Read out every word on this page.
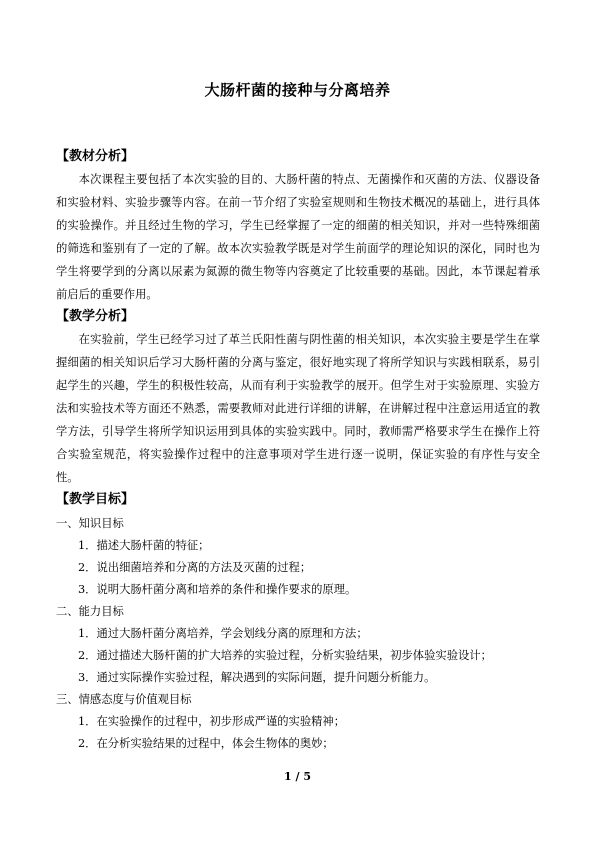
大肠杆菌的接种与分离培养
【教材分析】

本次课程主要包括了本次实验的目的、大肠杆菌的特点、无菌操作和灭菌的方法、仪器设备和实验材料、实验步骤等内容。在前一节介绍了实验室规则和生物技术概况的基础上，进行具体的实验操作。并且经过生物的学习，学生已经掌握了一定的细菌的相关知识，并对一些特殊细菌的筛选和鉴别有了一定的了解。故本次实验教学既是对学生前面学的理论知识的深化，同时也为学生将要学到的分离以尿素为氮源的微生物等内容奠定了比较重要的基础。因此，本节课起着承前启后的重要作用。

【教学分析】

在实验前，学生已经学习过了革兰氏阳性菌与阴性菌的相关知识，本次实验主要是学生在掌握细菌的相关知识后学习大肠杆菌的分离与鉴定，很好地实现了将所学知识与实践相联系，易引起学生的兴趣，学生的积极性较高，从而有利于实验教学的展开。但学生对于实验原理、实验方法和实验技术等方面还不熟悉，需要教师对此进行详细的讲解，在讲解过程中注意运用适宜的教学方法，引导学生将所学知识运用到具体的实验实践中。同时，教师需严格要求学生在操作上符合实验室规范，将实验操作过程中的注意事项对学生进行逐一说明，保证实验的有序性与安全性。

【教学目标】
一、知识目标
1．描述大肠杆菌的特征；
2．说出细菌培养和分离的方法及灭菌的过程；
3．说明大肠杆菌分离和培养的条件和操作要求的原理。
二、能力目标
1．通过大肠杆菌分离培养，学会划线分离的原理和方法；
2．通过描述大肠杆菌的扩大培养的实验过程，分析实验结果，初步体验实验设计；
3．通过实际操作实验过程，解决遇到的实际问题，提升问题分析能力。
三、情感态度与价值观目标
1．在实验操作的过程中，初步形成严谨的实验精神；
2．在分析实验结果的过程中，体会生物体的奥妙；
1 / 5
